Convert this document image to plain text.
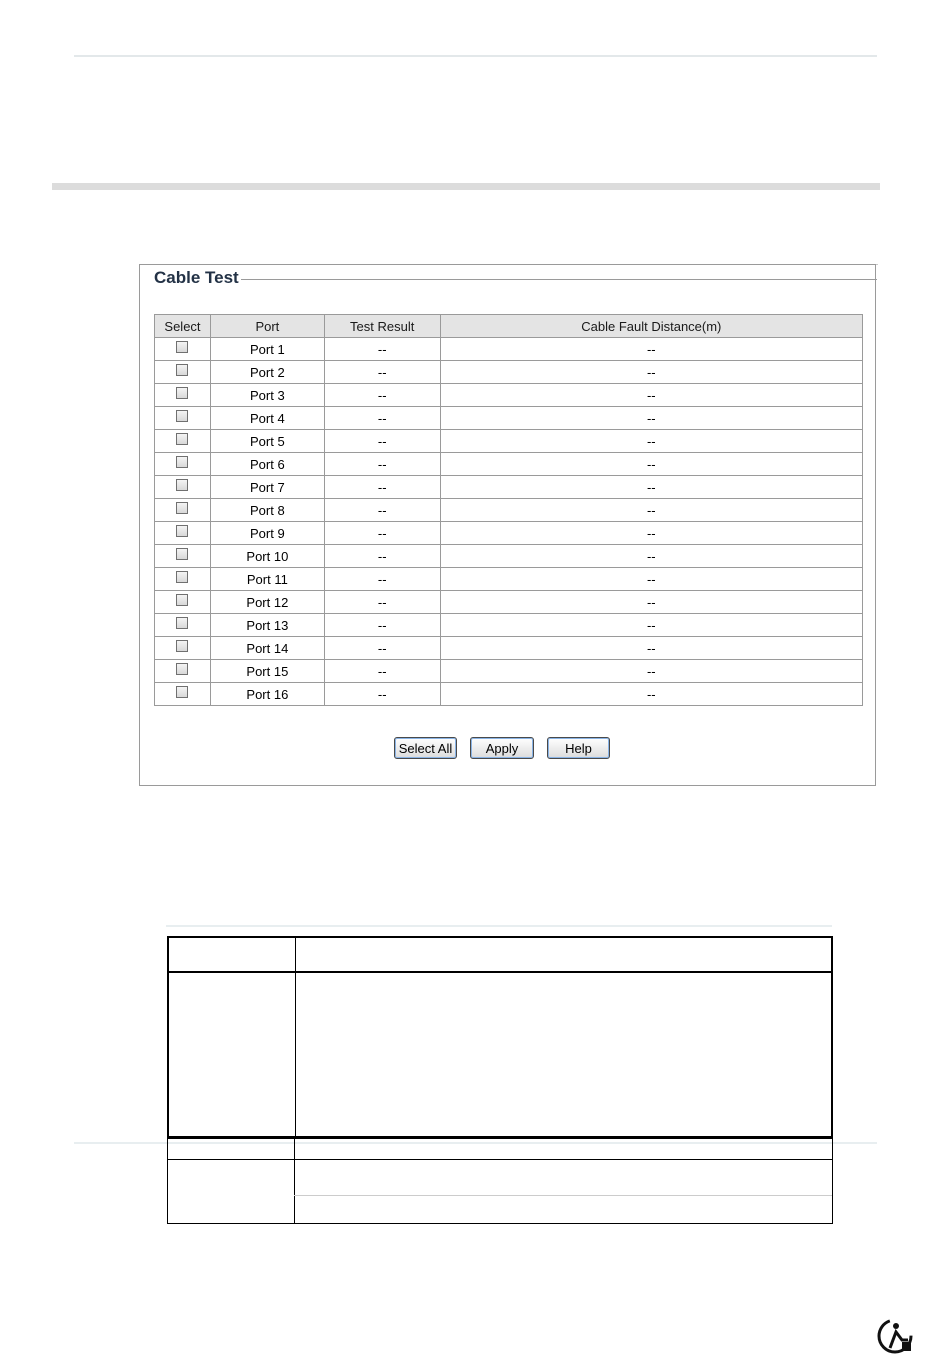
Cable Test
Select	Port	Test Result	Cable Fault Distance(m)
	Port 1	--	--
	Port 2	--	--
	Port 3	--	--
	Port 4	--	--
	Port 5	--	--
	Port 6	--	--
	Port 7	--	--
	Port 8	--	--
	Port 9	--	--
	Port 10	--	--
	Port 11	--	--
	Port 12	--	--
	Port 13	--	--
	Port 14	--	--
	Port 15	--	--
	Port 16	--	--
Select All	Apply	Help
